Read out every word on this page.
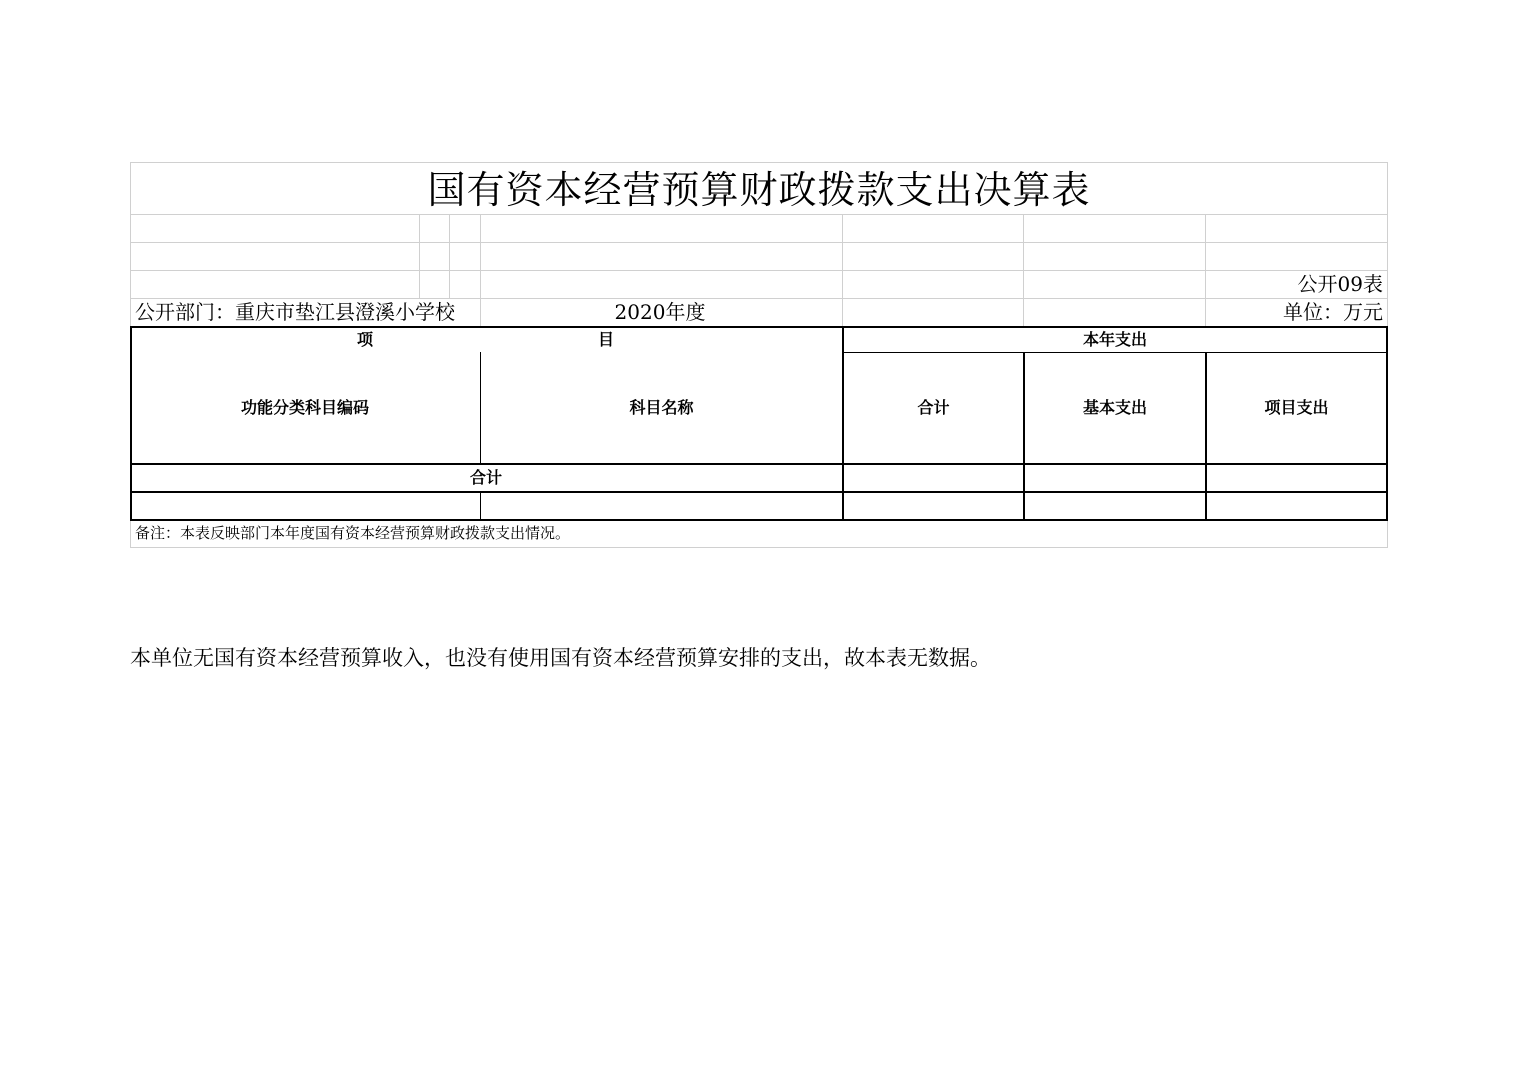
国有资本经营预算财政拨款支出决算表
公开09表
公开部门：重庆市垫江县澄溪小学校	2020年度	单位：万元
项	目	本年支出
功能分类科目编码	科目名称	合计	基本支出	项目支出
合计
备注：本表反映部门本年度国有资本经营预算财政拨款支出情况。
本单位无国有资本经营预算收入，也没有使用国有资本经营预算安排的支出，故本表无数据。
